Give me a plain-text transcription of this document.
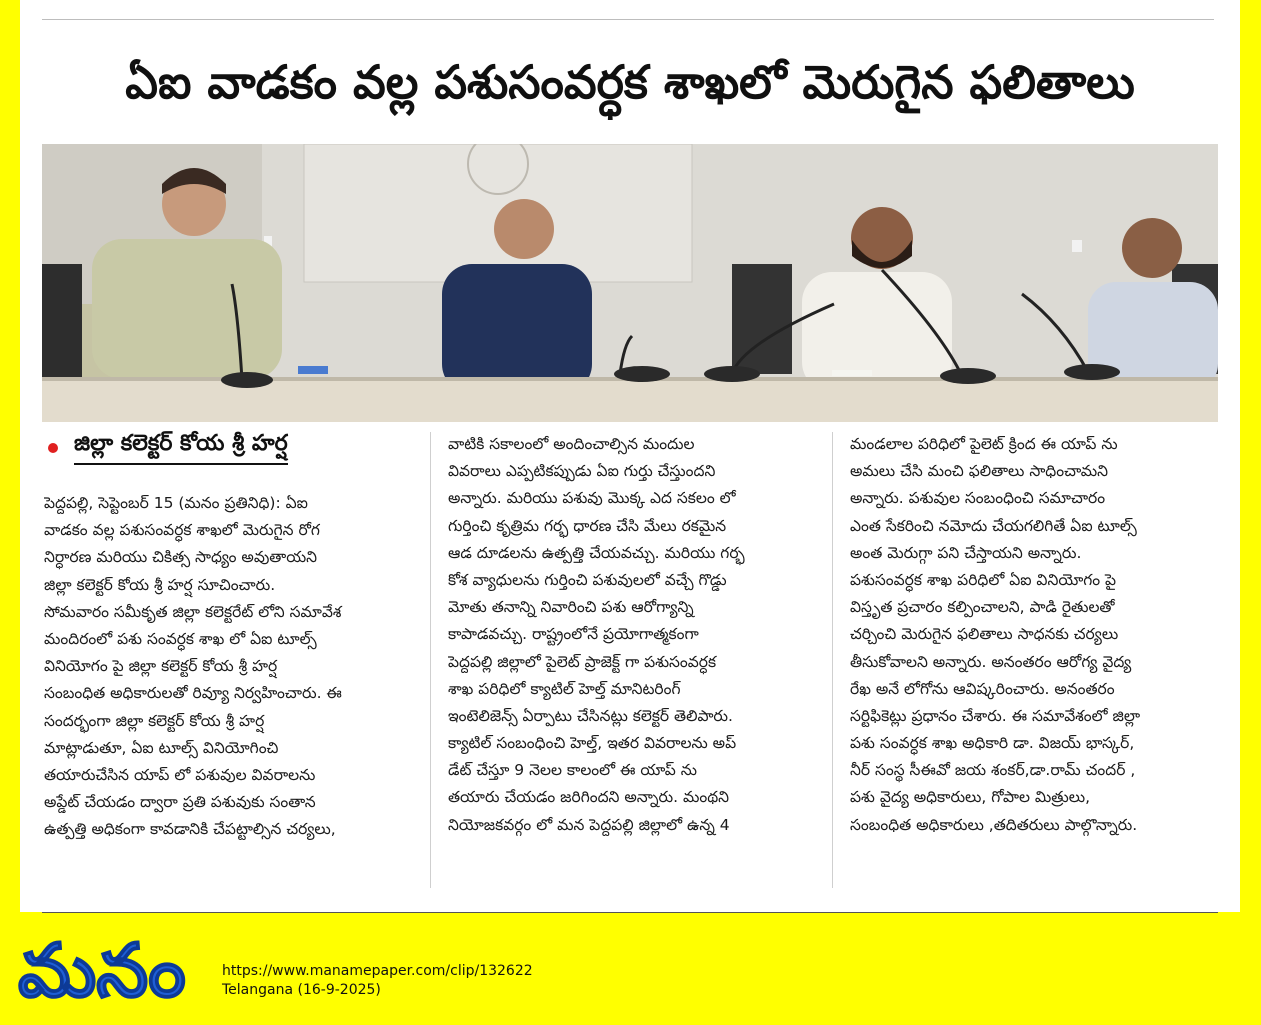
ఏఐ వాడకం వల్ల పశుసంవర్ధక శాఖలో మెరుగైన ఫలితాలు
జిల్లా కలెక్టర్ కోయ శ్రీ హర్ష
పెద్దపల్లి, సెప్టెంబర్ 15 (మనం ప్రతినిధి): ఏఐ
వాడకం వల్ల పశుసంవర్ధక శాఖలో మెరుగైన రోగ
నిర్ధారణ మరియు చికిత్స సాధ్యం అవుతాయని
జిల్లా కలెక్టర్ కోయ శ్రీ హర్ష సూచించారు.
సోమవారం సమీకృత జిల్లా కలెక్టరేట్ లోని సమావేశ
మందిరంలో పశు సంవర్ధక శాఖ లో ఏఐ టూల్స్
వినియోగం పై జిల్లా కలెక్టర్ కోయ శ్రీ హర్ష
సంబంధిత అధికారులతో రివ్యూ నిర్వహించారు. ఈ
సందర్భంగా జిల్లా కలెక్టర్ కోయ శ్రీ హర్ష
మాట్లాడుతూ, ఏఐ టూల్స్ వినియోగించి
తయారుచేసిన యాప్ లో పశువుల వివరాలను
అప్డేట్ చేయడం ద్వారా ప్రతి పశువుకు సంతాన
ఉత్పత్తి అధికంగా కావడానికి చేపట్టాల్సిన చర్యలు,
వాటికి సకాలంలో అందించాల్సిన మందుల
వివరాలు ఎప్పటికప్పుడు ఏఐ గుర్తు చేస్తుందని
అన్నారు. మరియు పశువు మొక్క ఎద సకలం లో
గుర్తించి కృత్రిమ గర్భ ధారణ చేసి మేలు రకమైన
ఆడ దూడలను ఉత్పత్తి చేయవచ్చు. మరియు గర్భ
కోశ వ్యాధులను గుర్తించి పశువులలో వచ్చే గొడ్డు
మోతు తనాన్ని నివారించి పశు ఆరోగ్యాన్ని
కాపాడవచ్చు. రాష్ట్రంలోనే ప్రయోగాత్మకంగా
పెద్దపల్లి జిల్లాలో పైలెట్ ప్రాజెక్ట్ గా పశుసంవర్ధక
శాఖ పరిధిలో క్యాటిల్ హెల్త్ మానిటరింగ్
ఇంటెలిజెన్స్ ఏర్పాటు చేసినట్లు కలెక్టర్ తెలిపారు.
క్యాటిల్ సంబంధించి హెల్త్, ఇతర వివరాలను అప్
డేట్ చేస్తూ 9 నెలల కాలంలో ఈ యాప్ ను
తయారు చేయడం జరిగిందని అన్నారు. మంథని
నియోజకవర్గం లో మన పెద్దపల్లి జిల్లాలో ఉన్న 4
మండలాల పరిధిలో పైలెట్ క్రింద ఈ యాప్ ను
అమలు చేసి మంచి ఫలితాలు సాధించామని
అన్నారు. పశువుల సంబంధించి సమాచారం
ఎంత సేకరించి నమోదు చేయగలిగితే ఏఐ టూల్స్
అంత మెరుగ్గా పని చేస్తాయని అన్నారు.
పశుసంవర్ధక శాఖ పరిధిలో ఏఐ వినియోగం పై
విస్తృత ప్రచారం కల్పించాలని, పాడి రైతులతో
చర్చించి మెరుగైన ఫలితాలు సాధనకు చర్యలు
తీసుకోవాలని అన్నారు. అనంతరం ఆరోగ్య వైద్య
రేఖ అనే లోగోను ఆవిష్కరించారు. అనంతరం
సర్టిఫికెట్లు ప్రధానం చేశారు. ఈ సమావేశంలో జిల్లా
పశు సంవర్ధక శాఖ అధికారి డా. విజయ్ భాస్కర్,
నీర్ సంస్థ సీఈవో జయ శంకర్,డా.రామ్ చందర్ ,
పశు వైద్య అధికారులు, గోపాల మిత్రులు,
సంబంధిత అధికారులు ,తదితరులు పాల్గొన్నారు.
మనం	https://www.manamepaper.com/clip/132622
Telangana (16-9-2025)
